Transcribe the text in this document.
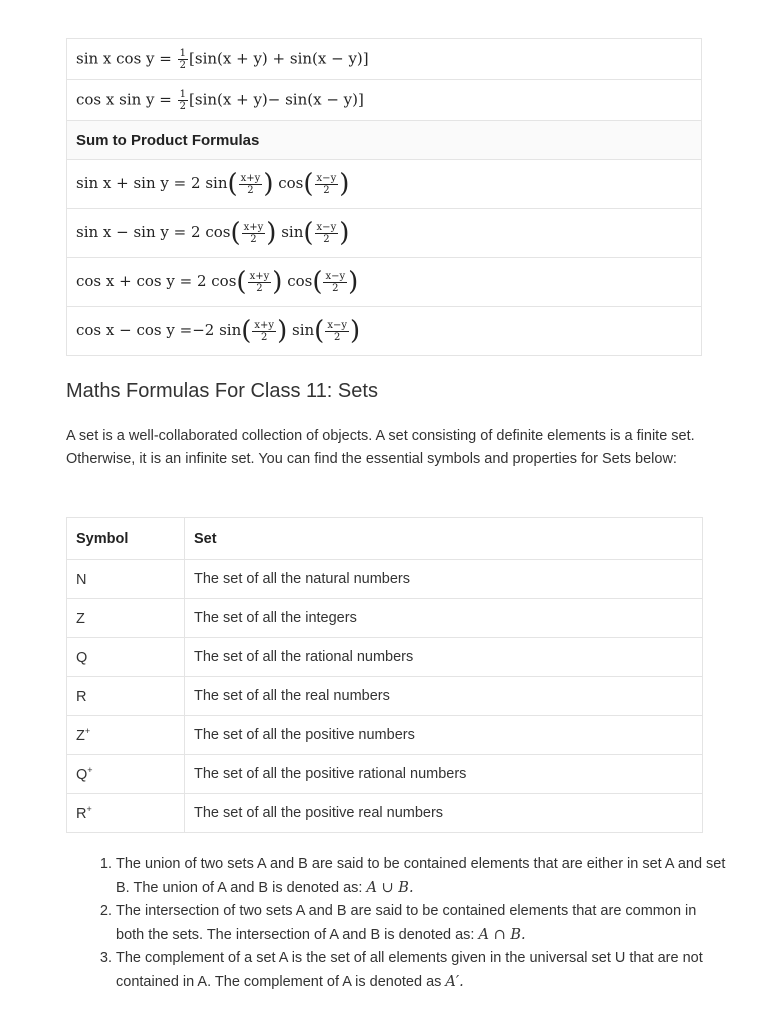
sin x $\cos y = \frac{1}{2} [\sin(x + y) + \sin(x - y)]$
cos x $\sin y = \frac{1}{2} [\sin(x + y)- \sin(x - y)]$
Sum to Product Formulas
sin x + sin y = 2 $\sin( \frac{x+y}{2}$ ) $\cos( \frac{x-y}{2}$ )
sin x − sin y = 2 $\cos( \frac{x+y}{2}$ ) $\sin( \frac{x-y}{2}$ )
cos x + cos y = 2 $\cos( \frac{x+y}{2}$ ) $\cos( \frac{x-y}{2}$ )
cos x − cos y =−2 $\sin( \frac{x+y}{2}$ ) $\sin( \frac{x-y}{2}$ )
Maths Formulas For Class 11: Sets

A set is a well-collaborated collection of objects. A set consisting of definite elements is a finite set. Otherwise, it is an infinite set. You can find the essential symbols and properties for Sets below:

Symbol	Set
N	The set of all the natural numbers
Z	The set of all the integers
Q	The set of all the rational numbers
R	The set of all the real numbers
Z+	The set of all the positive numbers
Q+	The set of all the positive rational numbers
R+	The set of all the positive real numbers
1. The union of two sets A and B are said to be contained elements that are either in set A and set B. The union of A and B is denoted as: A ∪ B.
2. The intersection of two sets A and B are said to be contained elements that are common in both the sets. The intersection of A and B is denoted as: A ∩ B.
3. The complement of a set A is the set of all elements given in the universal set U that are not contained in A. The complement of A is denoted as A′.
